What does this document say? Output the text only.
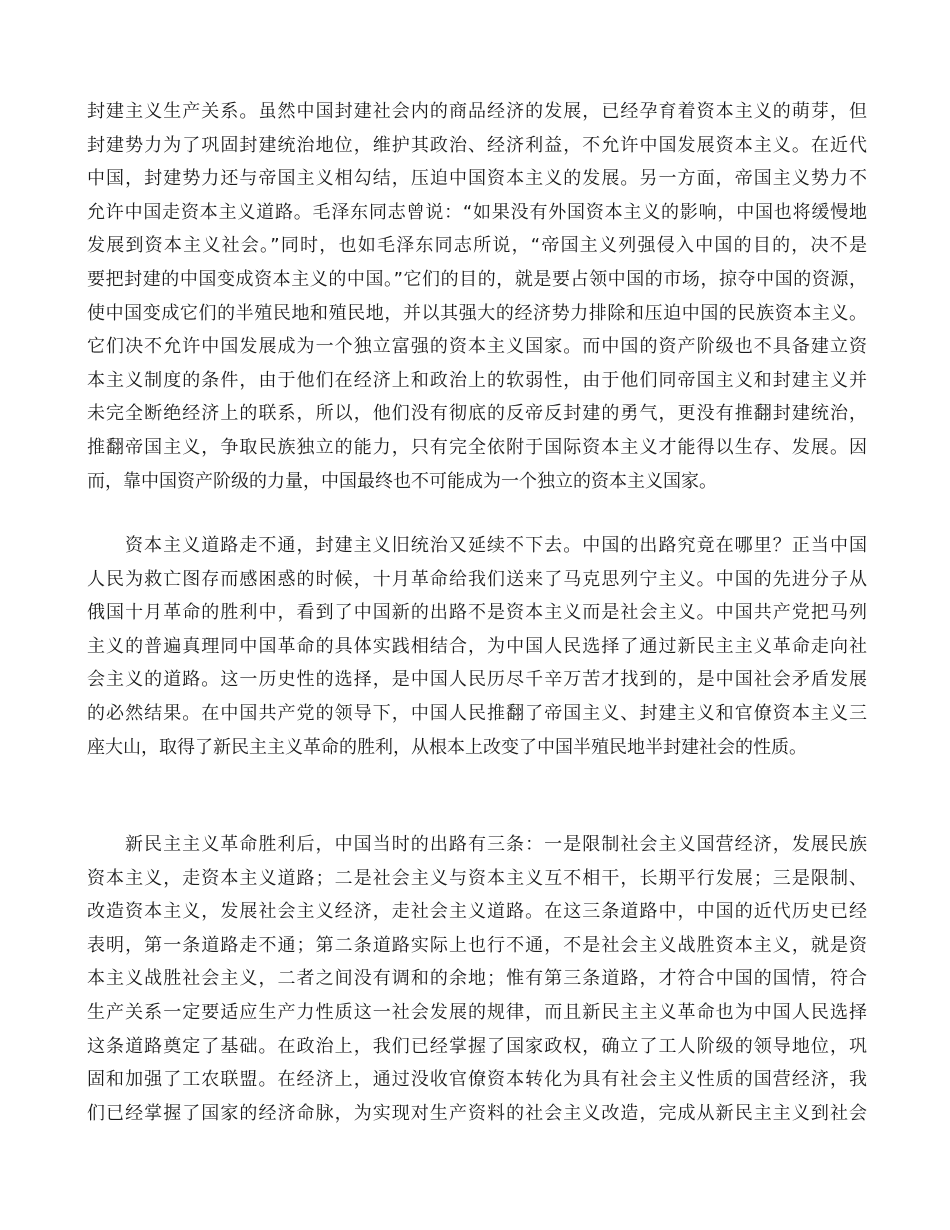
封建主义生产关系。虽然中国封建社会内的商品经济的发展，已经孕育着资本主义的萌芽，但
封建势力为了巩固封建统治地位，维护其政治、经济利益，不允许中国发展资本主义。在近代
中国，封建势力还与帝国主义相勾结，压迫中国资本主义的发展。另一方面，帝国主义势力不
允许中国走资本主义道路。毛泽东同志曾说：“如果没有外国资本主义的影响，中国也将缓慢地
发展到资本主义社会。”同时，也如毛泽东同志所说，“帝国主义列强侵入中国的目的，决不是
要把封建的中国变成资本主义的中国。”它们的目的，就是要占领中国的市场，掠夺中国的资源，
使中国变成它们的半殖民地和殖民地，并以其强大的经济势力排除和压迫中国的民族资本主义。
它们决不允许中国发展成为一个独立富强的资本主义国家。而中国的资产阶级也不具备建立资
本主义制度的条件，由于他们在经济上和政治上的软弱性，由于他们同帝国主义和封建主义并
未完全断绝经济上的联系，所以，他们没有彻底的反帝反封建的勇气，更没有推翻封建统治，
推翻帝国主义，争取民族独立的能力，只有完全依附于国际资本主义才能得以生存、发展。因
而，靠中国资产阶级的力量，中国最终也不可能成为一个独立的资本主义国家。
资本主义道路走不通，封建主义旧统治又延续不下去。中国的出路究竟在哪里？正当中国
人民为救亡图存而感困惑的时候，十月革命给我们送来了马克思列宁主义。中国的先进分子从
俄国十月革命的胜利中，看到了中国新的出路不是资本主义而是社会主义。中国共产党把马列
主义的普遍真理同中国革命的具体实践相结合，为中国人民选择了通过新民主主义革命走向社
会主义的道路。这一历史性的选择，是中国人民历尽千辛万苦才找到的，是中国社会矛盾发展
的必然结果。在中国共产党的领导下，中国人民推翻了帝国主义、封建主义和官僚资本主义三
座大山，取得了新民主主义革命的胜利，从根本上改变了中国半殖民地半封建社会的性质。
新民主主义革命胜利后，中国当时的出路有三条：一是限制社会主义国营经济，发展民族
资本主义，走资本主义道路；二是社会主义与资本主义互不相干，长期平行发展；三是限制、
改造资本主义，发展社会主义经济，走社会主义道路。在这三条道路中，中国的近代历史已经
表明，第一条道路走不通；第二条道路实际上也行不通，不是社会主义战胜资本主义，就是资
本主义战胜社会主义，二者之间没有调和的余地；惟有第三条道路，才符合中国的国情，符合
生产关系一定要适应生产力性质这一社会发展的规律，而且新民主主义革命也为中国人民选择
这条道路奠定了基础。在政治上，我们已经掌握了国家政权，确立了工人阶级的领导地位，巩
固和加强了工农联盟。在经济上，通过没收官僚资本转化为具有社会主义性质的国营经济，我
们已经掌握了国家的经济命脉，为实现对生产资料的社会主义改造，完成从新民主主义到社会
